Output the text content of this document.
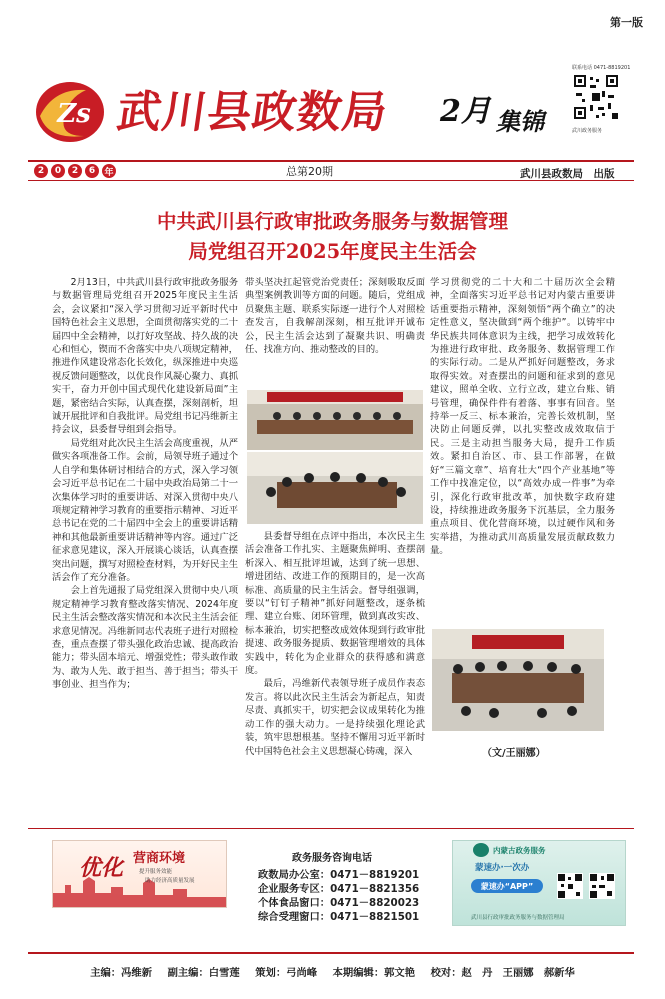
第一版
Zs 武川县政数局 2月 集锦
联系电话 0471-8819201
武川政务服务
2	0	2	6	年	总第20期	武川县政数局　出版
中共武川县行政审批政务服务与数据管理
局党组召开2025年度民主生活会

2月13日，中共武川县行政审批政务服务与数据管理局党组召开2025年度民主生活会，会议紧扣“深入学习贯彻习近平新时代中国特色社会主义思想，全面贯彻落实党的二十届四中全会精神，以打好攻坚战、持久战的决心和恒心，锲而不舍落实中央八项规定精神，推进作风建设常态化长效化，纵深推进中央巡视反馈问题整改，以优良作风凝心聚力、真抓实干，奋力开创中国式现代化建设新局面”主题，紧密结合实际，认真查摆，深刻剖析，坦诚开展批评和自我批评。局党组书记冯维新主持会议，县委督导组到会指导。

局党组对此次民主生活会高度重视，从严做实各项准备工作。会前，局领导班子通过个人自学和集体研讨相结合的方式，深入学习领会习近平总书记在二十届中央政治局第二十一次集体学习时的重要讲话、对深入贯彻中央八项规定精神学习教育的重要指示精神、习近平总书记在党的二十届四中全会上的重要讲话精神和其他最新重要讲话精神等内容。通过广泛征求意见建议，深入开展谈心谈话，认真查摆突出问题，撰写对照检查材料，为开好民主生活会作了充分准备。

会上首先通报了局党组深入贯彻中央八项规定精神学习教育整改落实情况、2024年度民主生活会整改落实情况和本次民主生活会征求意见情况。冯维新同志代表班子进行对照检查，重点查摆了带头强化政治忠诚、提高政治能力；带头固本培元、增强党性；带头敢作敢为、敢为人先、敢于担当、善于担当；带头干事创业、担当作为；

带头坚决扛起管党治党责任；深刻吸取反面典型案例教训等方面的问题。随后，党组成员聚焦主题、联系实际逐一进行个人对照检查发言，自我解剖深刻，相互批评开诚布公，民主生活会达到了凝聚共识、明确责任、找准方向、推动整改的目的。

县委督导组在点评中指出，本次民主生活会准备工作扎实、主题聚焦鲜明、查摆剖析深入、相互批评坦诚，达到了统一思想、增进团结、改进工作的预期目的，是一次高标准、高质量的民主生活会。督导组强调，要以“钉钉子精神”抓好问题整改，逐条梳理、建立台账、闭环管理，做到真改实改、标本兼治，切实把整改成效体现到行政审批提速、政务服务提质、数据管理增效的具体实践中，转化为企业群众的获得感和满意度。

最后，冯维新代表领导班子成员作表态发言。将以此次民主生活会为新起点，知责尽责、真抓实干，切实把会议成果转化为推动工作的强大动力。一是持续强化理论武装，筑牢思想根基。坚持不懈用习近平新时代中国特色社会主义思想凝心铸魂，深入

学习贯彻党的二十大和二十届历次全会精神，全面落实习近平总书记对内蒙古重要讲话重要指示精神，深刻领悟“两个确立”的决定性意义，坚决做到“两个维护”。以铸牢中华民族共同体意识为主线，把学习成效转化为推进行政审批、政务服务、数据管理工作的实际行动。二是从严抓好问题整改，务求取得实效。对查摆出的问题和征求到的意见建议，照单全收、立行立改，建立台账、销号管理，确保件件有着落、事事有回音。坚持举一反三、标本兼治，完善长效机制，坚决防止问题反弹，以扎实整改成效取信于民。三是主动担当服务大局，提升工作质效。紧扣自治区、市、县工作部署，在做好“三篇文章”、培育壮大“四个产业基地”等工作中找准定位，以“高效办成一件事”为牵引，深化行政审批改革，加快数字政府建设，持续推进政务服务下沉基层，全力服务重点项目、优化营商环境，以过硬作风和务实举措，为推动武川高质量发展贡献政数力量。

（文/王丽娜）
优化 营商环境
提升服务效能
助力经济高质量发展
政务服务咨询电话
政数局办公室：0471－8819201
企业服务专区：0471－8821356
个体食品窗口：0471－8820023
综合受理窗口：0471－8821501
内蒙古政务服务
蒙速办·一次办
蒙速办“APP”
武川县行政审批政务服务与数据管理局
主编：冯维新 副主编：白雪莲 策划：弓尚峰 本期编辑：郭文艳 校对：赵　丹　王丽娜　郝新华
